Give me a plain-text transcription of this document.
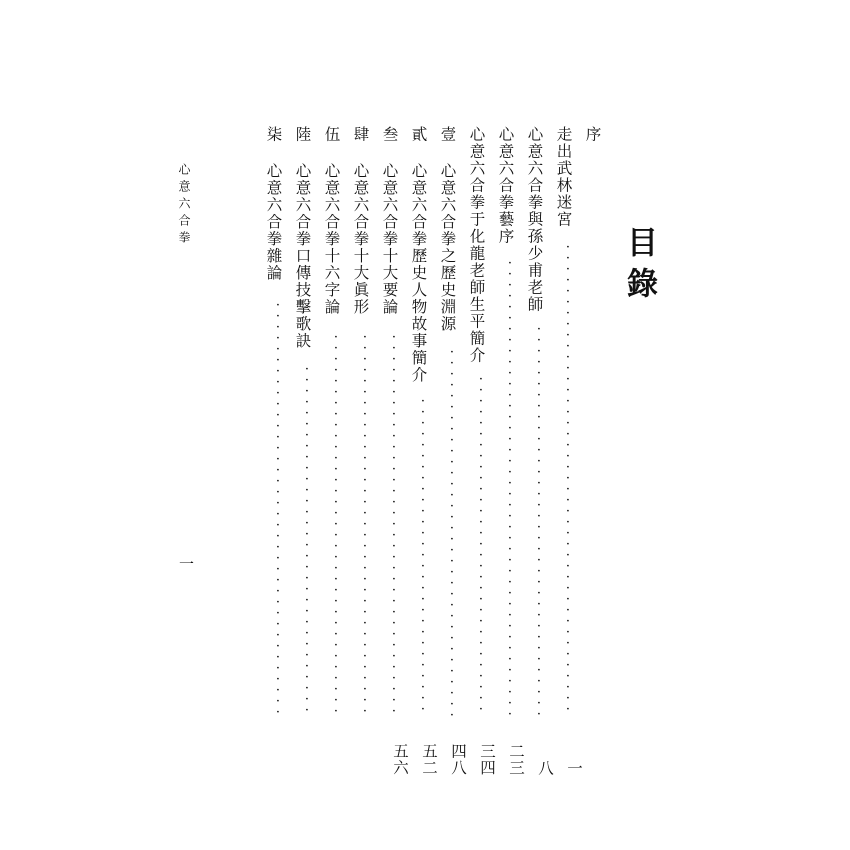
目錄
心意六合拳
一
序
走出武林迷宮
·
·
·
·
·
·
·
·
·
·
·
·
·
·
·
·
·
·
·
·
·
·
·
·
·
·
·
·
·
·
·
·
·
·
·
·
·
·
·
·
·
·
·
一
心意六合拳與孫少甫老師
·
·
·
·
·
·
·
·
·
·
·
·
·
·
·
·
·
·
·
·
·
·
·
·
·
·
·
·
·
·
·
·
·
·
·
·
八
心意六合拳藝序
·
·
·
·
·
·
·
·
·
·
·
·
·
·
·
·
·
·
·
·
·
·
·
·
·
·
·
·
·
·
·
·
·
·
·
·
·
·
·
·
·
·
二三
心意六合拳于化龍老師生平簡介
·
·
·
·
·
·
·
·
·
·
·
·
·
·
·
·
·
·
·
·
·
·
·
·
·
·
·
·
·
·
·
三四
壹 心意六合拳之歷史淵源
·
·
·
·
·
·
·
·
·
·
·
·
·
·
·
·
·
·
·
·
·
·
·
·
·
·
·
·
·
·
·
·
·
·
四八
貳 心意六合拳歷史人物故事簡介
·
·
·
·
·
·
·
·
·
·
·
·
·
·
·
·
·
·
·
·
·
·
·
·
·
·
·
·
·
五二
叁 心意六合拳十大要論
·
·
·
·
·
·
·
·
·
·
·
·
·
·
·
·
·
·
·
·
·
·
·
·
·
·
·
·
·
·
·
·
·
·
·
五六
肆 心意六合拳十大眞形
·
·
·
·
·
·
·
·
·
·
·
·
·
·
·
·
·
·
·
·
·
·
·
·
·
·
·
·
·
·
·
·
·
·
·
伍 心意六合拳十六字論
·
·
·
·
·
·
·
·
·
·
·
·
·
·
·
·
·
·
·
·
·
·
·
·
·
·
·
·
·
·
·
·
·
·
·
陸 心意六合拳口傳技擊歌訣
·
·
·
·
·
·
·
·
·
·
·
·
·
·
·
·
·
·
·
·
·
·
·
·
·
·
·
·
·
·
·
·
柒 心意六合拳雜論
·
·
·
·
·
·
·
·
·
·
·
·
·
·
·
·
·
·
·
·
·
·
·
·
·
·
·
·
·
·
·
·
·
·
·
·
·
·
